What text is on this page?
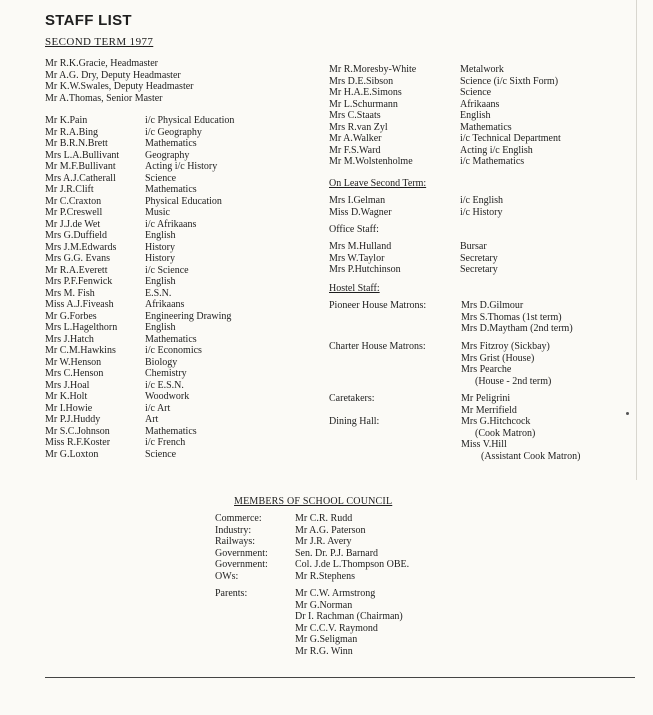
STAFF LIST
SECOND TERM 1977
Mr R.K.Gracie, Headmaster
Mr A.G. Dry, Deputy Headmaster
Mr K.W.Swales, Deputy Headmaster
Mr A.Thomas, Senior Master
Mr K.Pain	i/c Physical Education
Mr R.A.Bing	i/c Geography
Mr B.R.N.Brett	Mathematics
Mrs L.A.Bullivant	Geography
Mr M.F.Bullivant	Acting i/c History
Mrs A.J.Catherall	Science
Mr J.R.Clift	Mathematics
Mr C.Craxton	Physical Education
Mr P.Creswell	Music
Mr J.J.de Wet	i/c Afrikaans
Mrs G.Duffield	English
Mrs J.M.Edwards	History
Mrs G.G. Evans	History
Mr R.A.Everett	i/c Science
Mrs P.F.Fenwick	English
Mrs M. Fish	E.S.N.
Miss A.J.Fiveash	Afrikaans
Mr G.Forbes	Engineering Drawing
Mrs L.Hagelthorn	English
Mrs J.Hatch	Mathematics
Mr C.M.Hawkins	i/c Economics
Mr W.Henson	Biology
Mrs C.Henson	Chemistry
Mrs J.Hoal	i/c E.S.N.
Mr K.Holt	Woodwork
Mr I.Howie	i/c Art
Mr P.J.Huddy	Art
Mr S.C.Johnson	Mathematics
Miss R.F.Koster	i/c French
Mr G.Loxton	Science
Mr R.Moresby-White	Metalwork
Mrs D.E.Sibson	Science (i/c Sixth Form)
Mr H.A.E.Simons	Science
Mr L.Schurmann	Afrikaans
Mrs C.Staats	English
Mrs R.van Zyl	Mathematics
Mr A.Walker	i/c Technical Department
Mr F.S.Ward	Acting i/c English
Mr M.Wolstenholme	i/c Mathematics
On Leave Second Term:
Mrs I.Gelman	i/c English
Miss D.Wagner	i/c History
Office Staff:
Mrs M.Hulland	Bursar
Mrs W.Taylor	Secretary
Mrs P.Hutchinson	Secretary
Hostel Staff:
Pioneer House Matrons:	Mrs D.Gilmour
Mrs S.Thomas (1st term)
Mrs D.Maytham (2nd term)
Charter House Matrons:	Mrs Fitzroy (Sickbay)
Mrs Grist (House)
Mrs Pearche
(House - 2nd term)
Caretakers:	Mr Peligrini
Mr Merrifield
Dining Hall:	Mrs G.Hitchcock
(Cook Matron)
Miss V.Hill
(Assistant Cook Matron)
MEMBERS OF SCHOOL COUNCIL
Commerce:	Mr C.R. Rudd
Industry:	Mr A.G. Paterson
Railways:	Mr J.R. Avery
Government:	Sen. Dr. P.J. Barnard
Government:	Col. J.de L.Thompson OBE.
OWs:	Mr R.Stephens
Parents:	Mr C.W. Armstrong
Mr G.Norman
Dr I. Rachman (Chairman)
Mr C.C.V. Raymond
Mr G.Seligman
Mr R.G. Winn
